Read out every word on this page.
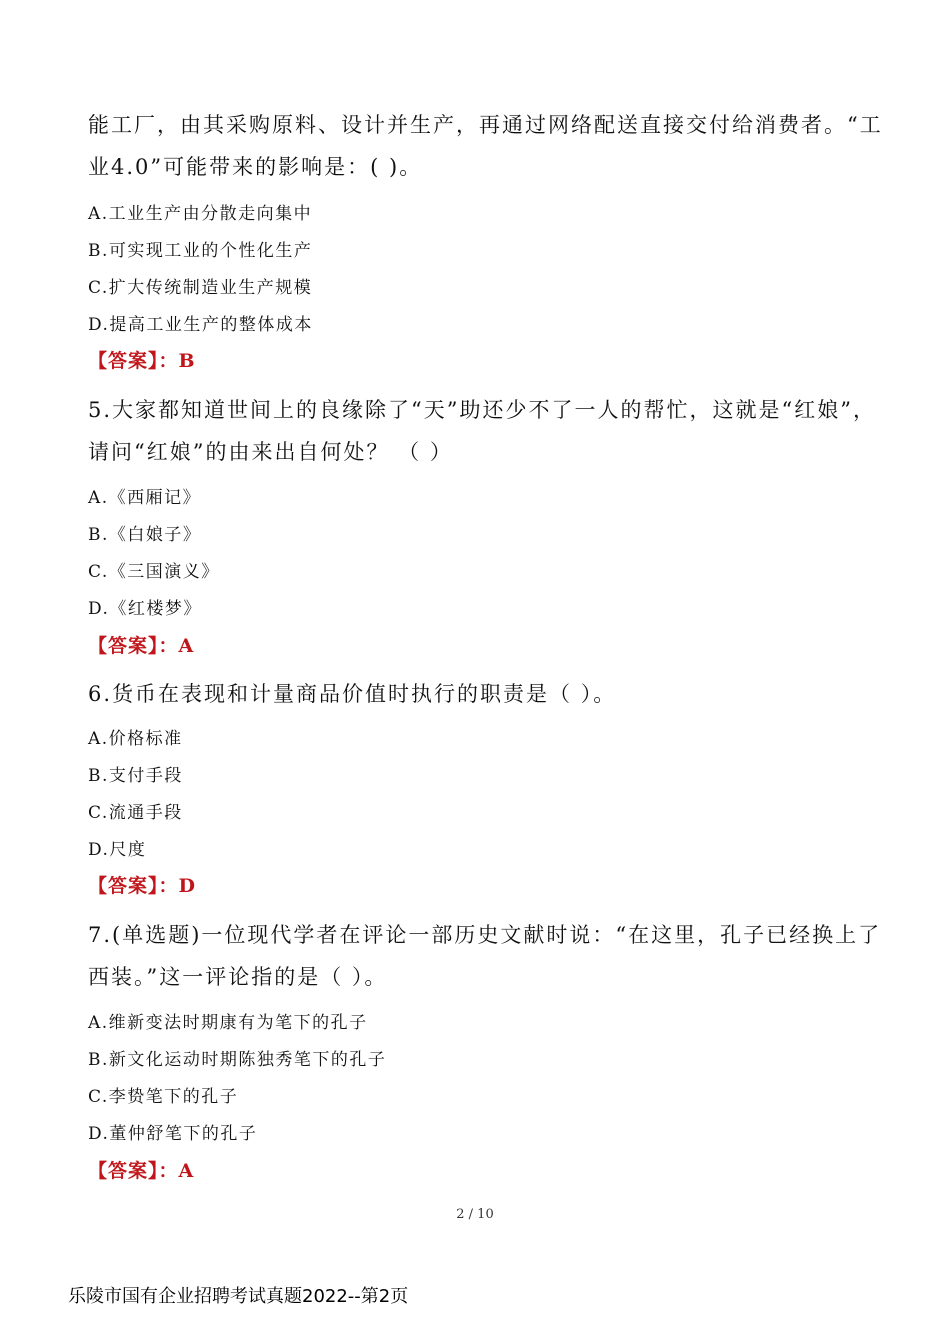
能工厂，由其采购原料、设计并生产，再通过网络配送直接交付给消费者。“工业4.0”可能带来的影响是：( )。

A.工业生产由分散走向集中
B.可实现工业的个性化生产
C.扩大传统制造业生产规模
D.提高工业生产的整体成本
【答案】：B

5.大家都知道世间上的良缘除了“天”助还少不了一人的帮忙，这就是“红娘”，请问“红娘”的由来出自何处？ （ ）

A.《西厢记》
B.《白娘子》
C.《三国演义》
D.《红楼梦》
【答案】：A

6.货币在表现和计量商品价值时执行的职责是（ ）。

A.价格标准
B.支付手段
C.流通手段
D.尺度
【答案】：D

7.(单选题)一位现代学者在评论一部历史文献时说：“在这里，孔子已经换上了西装。”这一评论指的是（ ）。

A.维新变法时期康有为笔下的孔子
B.新文化运动时期陈独秀笔下的孔子
C.李贽笔下的孔子
D.董仲舒笔下的孔子
【答案】：A
2 / 10
乐陵市国有企业招聘考试真题2022--第2页
